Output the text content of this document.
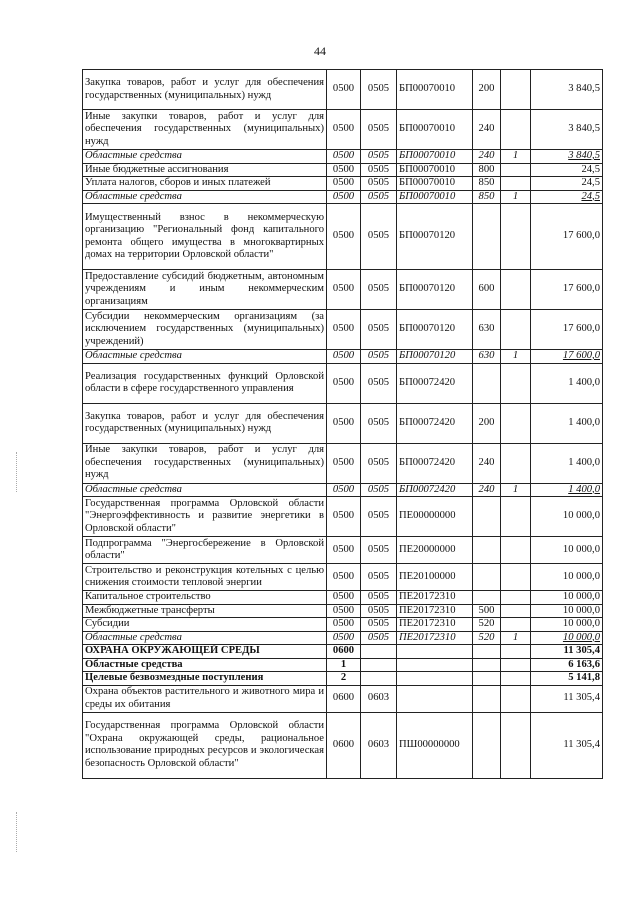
44
Закупка товаров, работ и услуг для обеспечения государственных (муниципальных) нужд	0500	0505	БП00070010	200		3 840,5
Иные закупки товаров, работ и услуг для обеспечения государственных (муниципальных) нужд	0500	0505	БП00070010	240		3 840,5
Областные средства	0500	0505	БП00070010	240	1	3 840,5
Иные бюджетные ассигнования	0500	0505	БП00070010	800		24,5
Уплата налогов, сборов и иных платежей	0500	0505	БП00070010	850		24,5
Областные средства	0500	0505	БП00070010	850	1	24,5
Имущественный взнос в некоммерческую организацию "Региональный фонд капитального ремонта общего имущества в многоквартирных домах на территории Орловской области"	0500	0505	БП00070120			17 600,0
Предоставление субсидий бюджетным, автономным учреждениям и иным некоммерческим организациям	0500	0505	БП00070120	600		17 600,0
Субсидии некоммерческим организациям (за исключением государственных (муниципальных) учреждений)	0500	0505	БП00070120	630		17 600,0
Областные средства	0500	0505	БП00070120	630	1	17 600,0
Реализация государственных функций Орловской области в сфере государственного управления	0500	0505	БП00072420			1 400,0
Закупка товаров, работ и услуг для обеспечения государственных (муниципальных) нужд	0500	0505	БП00072420	200		1 400,0
Иные закупки товаров, работ и услуг для обеспечения государственных (муниципальных) нужд	0500	0505	БП00072420	240		1 400,0
Областные средства	0500	0505	БП00072420	240	1	1 400,0
Государственная программа Орловской области "Энергоэффективность и развитие энергетики в Орловской области"	0500	0505	ПЕ00000000			10 000,0
Подпрограмма "Энергосбережение в Орловской области"	0500	0505	ПЕ20000000			10 000,0
Строительство и реконструкция котельных с целью снижения стоимости тепловой энергии	0500	0505	ПЕ20100000			10 000,0
Капитальное строительство	0500	0505	ПЕ20172310			10 000,0
Межбюджетные трансферты	0500	0505	ПЕ20172310	500		10 000,0
Субсидии	0500	0505	ПЕ20172310	520		10 000,0
Областные средства	0500	0505	ПЕ20172310	520	1	10 000,0
ОХРАНА ОКРУЖАЮЩЕЙ СРЕДЫ	0600					11 305,4
Областные средства	1					6 163,6
Целевые безвозмездные поступления	2					5 141,8
Охрана объектов растительного и животного мира и среды их обитания	0600	0603				11 305,4
Государственная программа Орловской области "Охрана окружающей среды, рациональное использование природных ресурсов и экологическая безопасность Орловской области"	0600	0603	ПШ00000000			11 305,4
